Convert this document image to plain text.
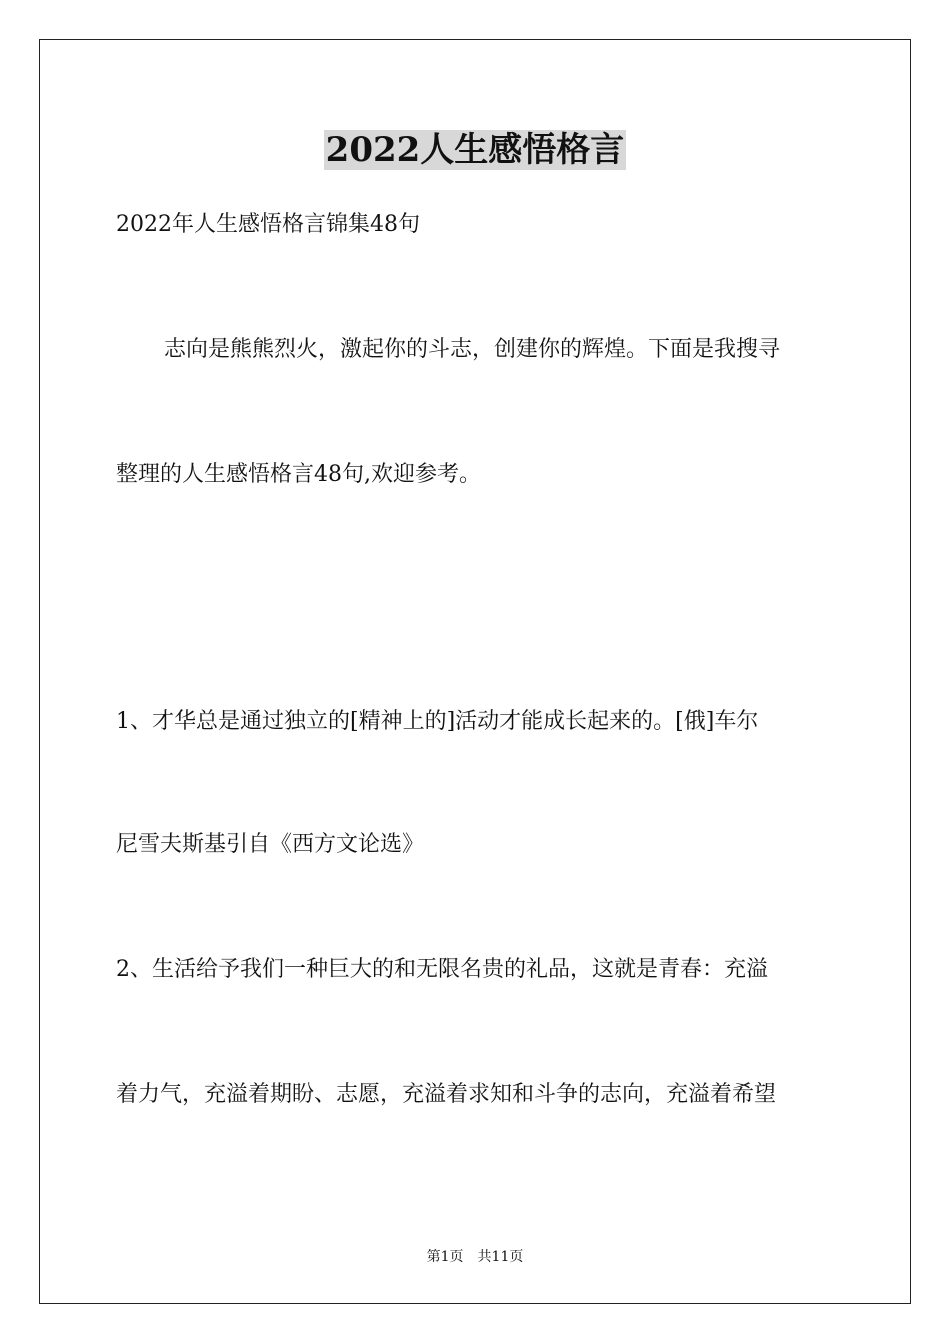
2022人生感悟格言

2022年人生感悟格言锦集48句

志向是熊熊烈火，激起你的斗志，创建你的辉煌。下面是我搜寻

整理的人生感悟格言48句,欢迎参考。

1、才华总是通过独立的[精神上的]活动才能成长起来的。[俄]车尔

尼雪夫斯基引自《西方文论选》

2、生活给予我们一种巨大的和无限名贵的礼品，这就是青春：充溢

着力气，充溢着期盼、志愿，充溢着求知和斗争的志向，充溢着希望

第1页 共11页
